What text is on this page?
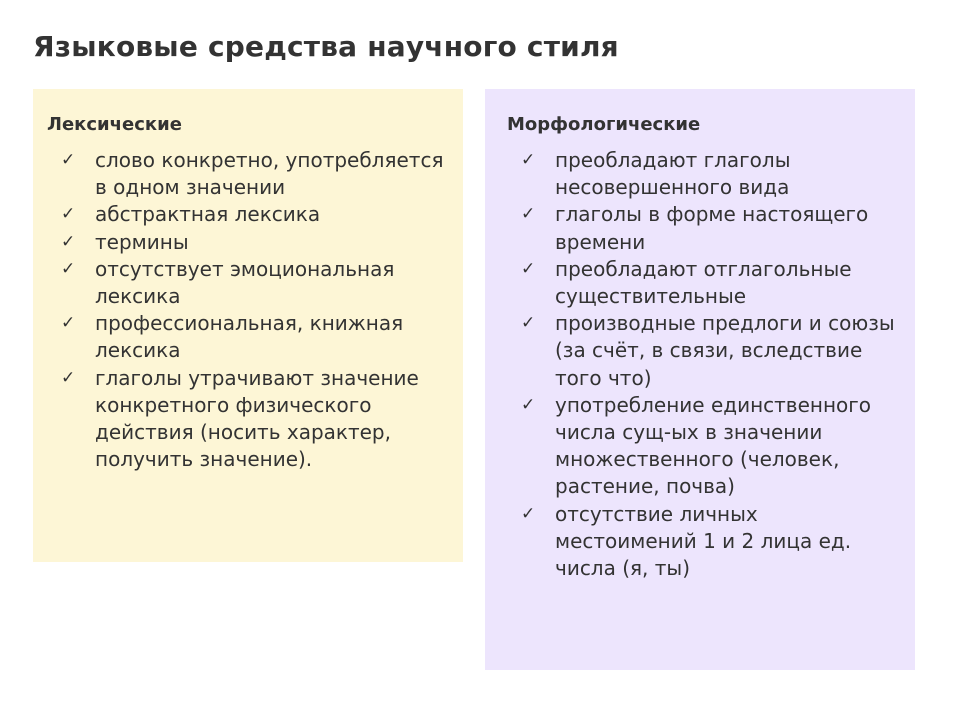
Языковые средства научного стиля
Лексические
✓ слово конкретно, употребляется в одном значении
✓ абстрактная лексика
✓ термины
✓ отсутствует эмоциональная лексика
✓ профессиональная, книжная лексика
✓ глаголы утрачивают значение конкретного физического действия (носить характер, получить значение).
Морфологические
✓ преобладают глаголы несовершенного вида
✓ глаголы в форме настоящего времени
✓ преобладают отглагольные существительные
✓ производные предлоги и союзы (за счёт, в связи, вследствие того что)
✓ употребление единственного числа сущ-ых в значении множественного (человек, растение, почва)
✓ отсутствие личных местоимений 1 и 2 лица ед. числа (я, ты)
